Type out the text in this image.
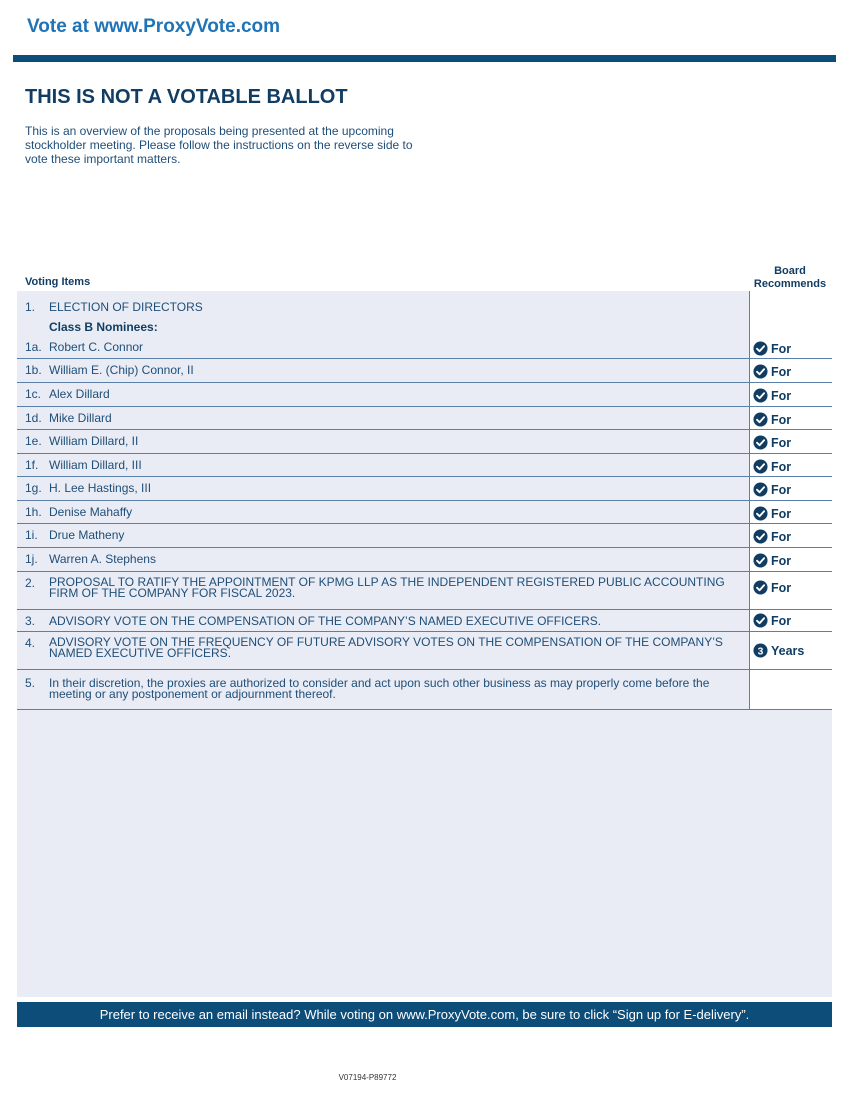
Vote at www.ProxyVote.com
THIS IS NOT A VOTABLE BALLOT
This is an overview of the proposals being presented at the upcoming stockholder meeting. Please follow the instructions on the reverse side to vote these important matters.
Voting Items
Board
Recommends
1. ELECTION OF DIRECTORS
Class B Nominees:
1a. Robert C. Connor	For
1b. William E. (Chip) Connor, II	For
1c. Alex Dillard	For
1d. Mike Dillard	For
1e. William Dillard, II	For
1f. William Dillard, III	For
1g. H. Lee Hastings, III	For
1h. Denise Mahaffy	For
1i. Drue Matheny	For
1j. Warren A. Stephens	For
2. PROPOSAL TO RATIFY THE APPOINTMENT OF KPMG LLP AS THE INDEPENDENT REGISTERED PUBLIC ACCOUNTING FIRM OF THE COMPANY FOR FISCAL 2023.	For
3. ADVISORY VOTE ON THE COMPENSATION OF THE COMPANY’S NAMED EXECUTIVE OFFICERS.	For
4. ADVISORY VOTE ON THE FREQUENCY OF FUTURE ADVISORY VOTES ON THE COMPENSATION OF THE COMPANY’S NAMED EXECUTIVE OFFICERS.	3 Years
5. In their discretion, the proxies are authorized to consider and act upon such other business as may properly come before the meeting or any postponement or adjournment thereof.
Prefer to receive an email instead? While voting on www.ProxyVote.com, be sure to click “Sign up for E-delivery”.
V07194-P89772
